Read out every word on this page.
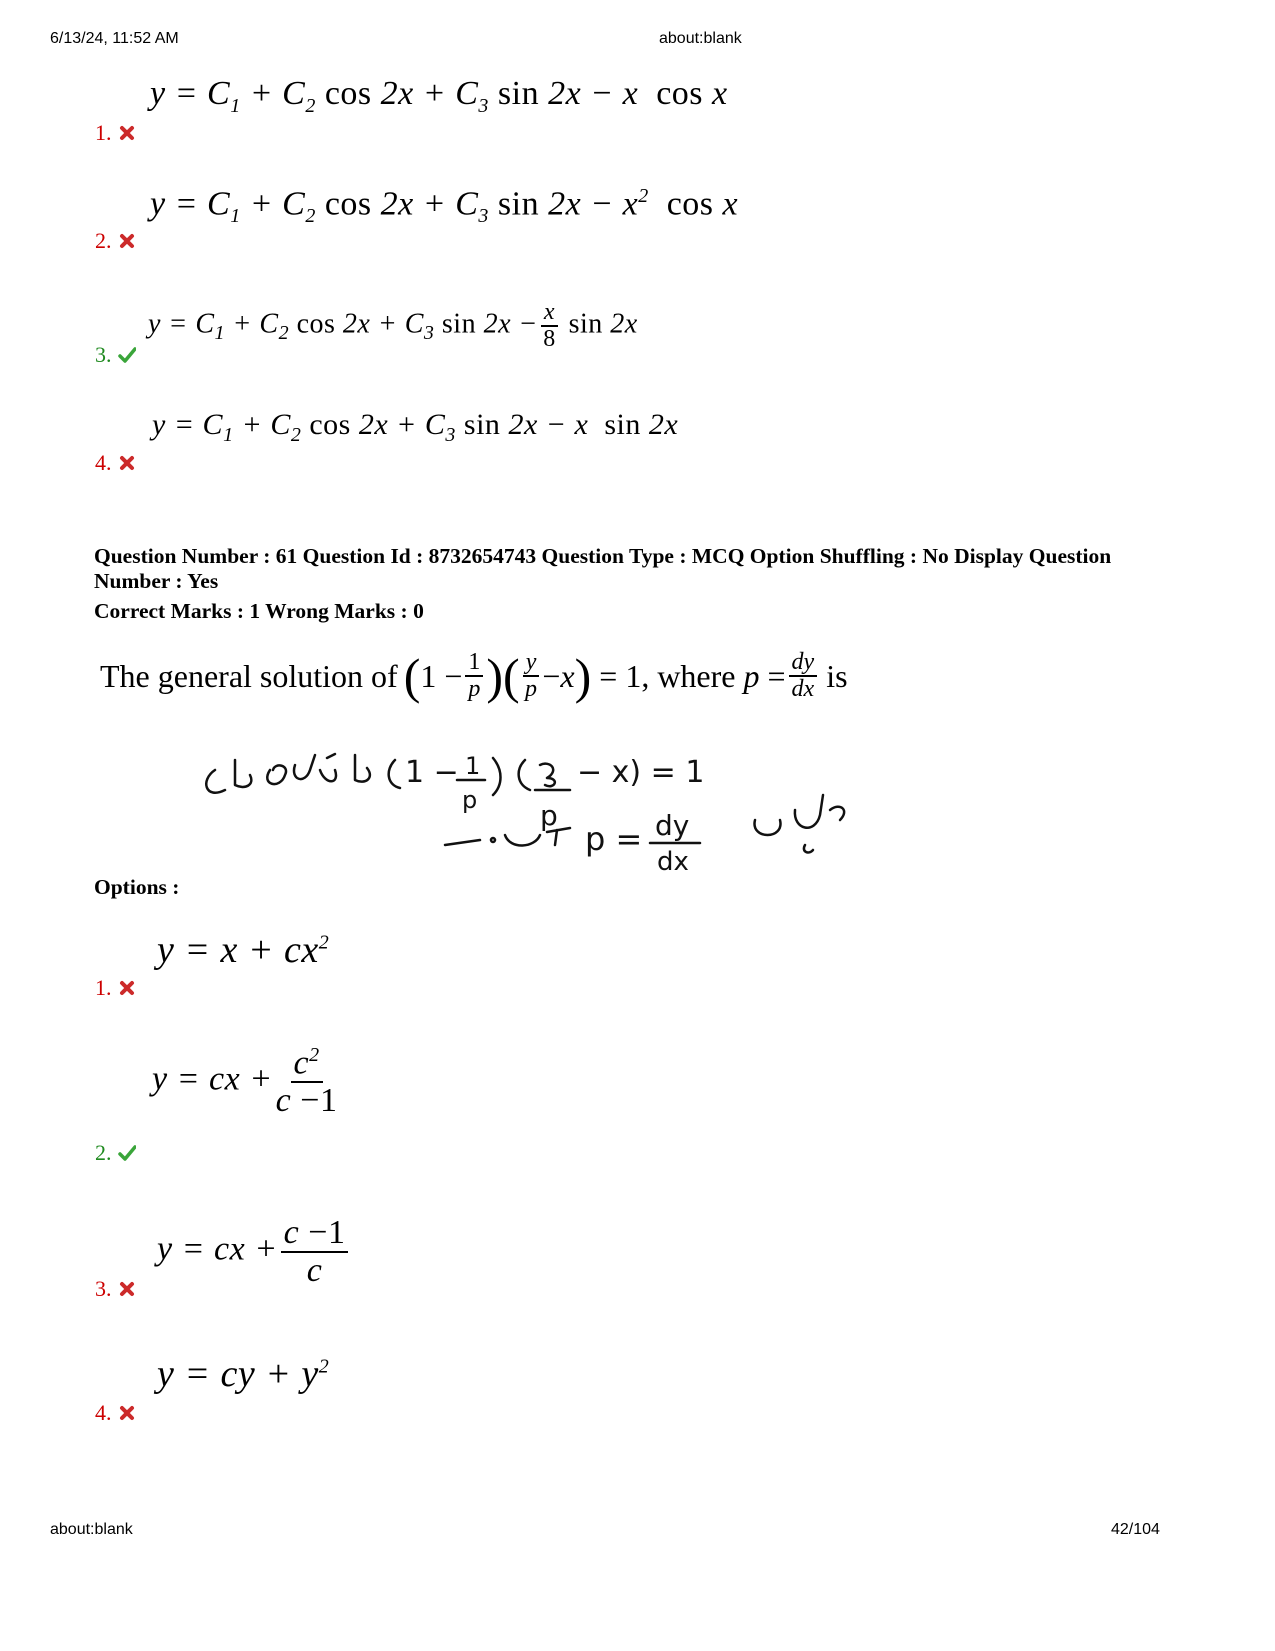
6/13/24, 11:52 AM	about:blank
$y = C_1 + C_2$ $\cos 2x + C_3$ sin 2x − x  cos x
1.
$y = C_1 + C_2$ $\cos 2x + C_3$ $\sin 2x - x^2$ cos x
2.
$y = C_1 + C_2$ $\cos 2x + C_3$ $\sin 2x - \frac{x}{8}$ sin 2x
3.
$y = C_1 + C_2$ $\cos 2x + C_3$ sin 2x − x  sin 2x
4.
Question Number : 61 Question Id : 8732654743 Question Type : MCQ Option Shuffling : No Display Question
Number : Yes
Correct Marks : 1 Wrong Marks : 0
The general solution of ( $1 - \frac{1}{p}$ ) ( $\frac{y}{p} - x$ ) = 1, where $p = \frac{dy}{dx}$ is
1 − 1
p p
− x) = 1
p = dy
dx
Options :
$y = x + cx^2$
1.
y = cx + $\frac{c^2}{c -1}$
2.
y = cx + $\frac{c -1}{c}$
3.
y = cy + $y^2$
4.
about:blank	42/104
